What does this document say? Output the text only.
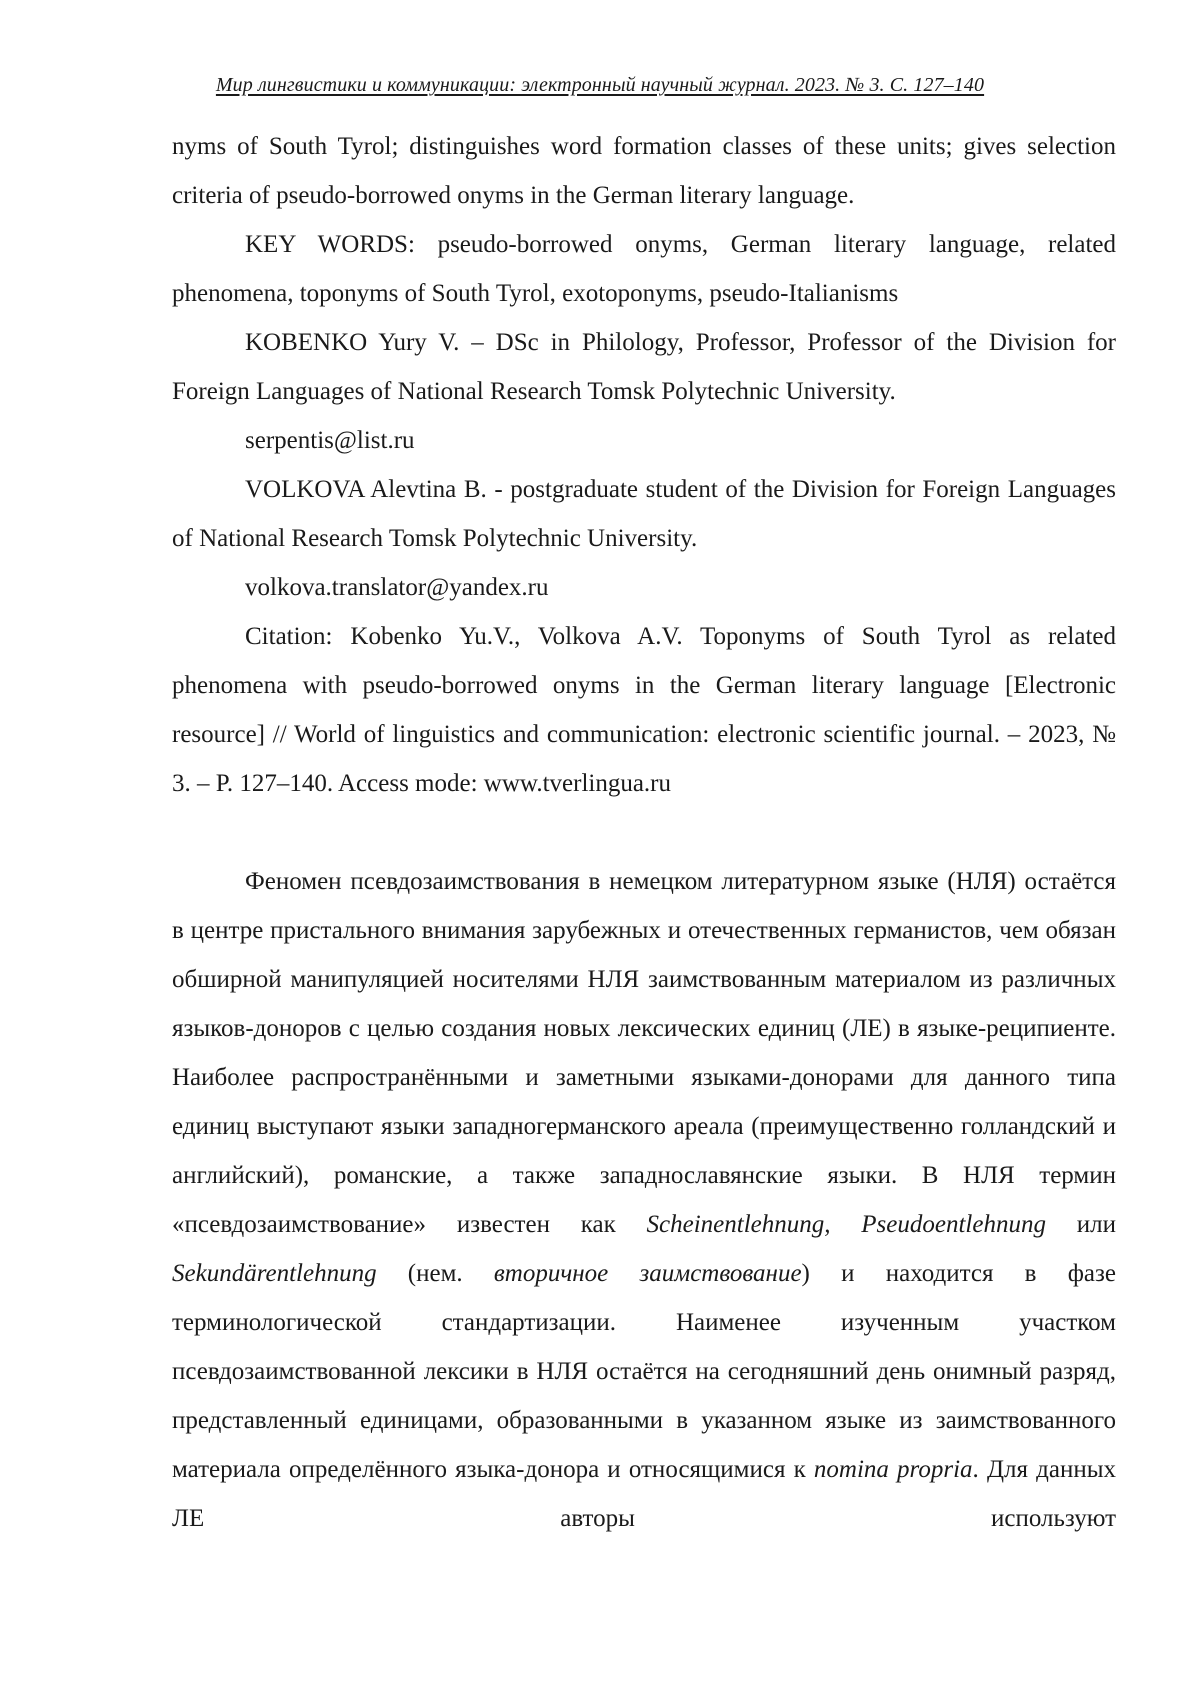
Мир лингвистики и коммуникации: электронный научный журнал. 2023. № 3. С. 127–140

nyms of South Tyrol; distinguishes word formation classes of these units; gives selection criteria of pseudo-borrowed onyms in the German literary language.

KEY WORDS: pseudo-borrowed onyms, German literary language, related phenomena, toponyms of South Tyrol, exotoponyms, pseudo-Italianisms

KOBENKO Yury V. – DSc in Philology, Professor, Professor of the Division for Foreign Languages of National Research Tomsk Polytechnic University.
serpentis@list.ru

VOLKOVA Alevtina B. - postgraduate student of the Division for Foreign Languages of National Research Tomsk Polytechnic University.
volkova.translator@yandex.ru

Citation: Kobenko Yu.V., Volkova A.V. Toponyms of South Tyrol as related phenomena with pseudo-borrowed onyms in the German literary language [Electronic resource] // World of linguistics and communication: electronic scientific journal. – 2023, № 3. – P. 127–140. Access mode: www.tverlingua.ru

Феномен псевдозаимствования в немецком литературном языке (НЛЯ) остаётся в центре пристального внимания зарубежных и отечественных германистов, чем обязан обширной манипуляцией носителями НЛЯ заимствованным материалом из различных языков-доноров с целью создания новых лексических единиц (ЛЕ) в языке-реципиенте. Наиболее распространёнными и заметными языками-донорами для данного типа единиц выступают языки западногерманского ареала (преимущественно голландский и английский), романские, а также западнославянские языки. В НЛЯ термин «псевдозаимствование» известен как Scheinentlehnung, Pseudoentlehnung или Sekundärentlehnung (нем. вторичное заимствование) и находится в фазе терминологической стандартизации. Наименее изученным участком псевдозаимствованной лексики в НЛЯ остаётся на сегодняшний день онимный разряд, представленный единицами, образованными в указанном языке из заимствованного материала определённого языка-донора и относящимися к nomina propria. Для данных ЛЕ авторы используют
